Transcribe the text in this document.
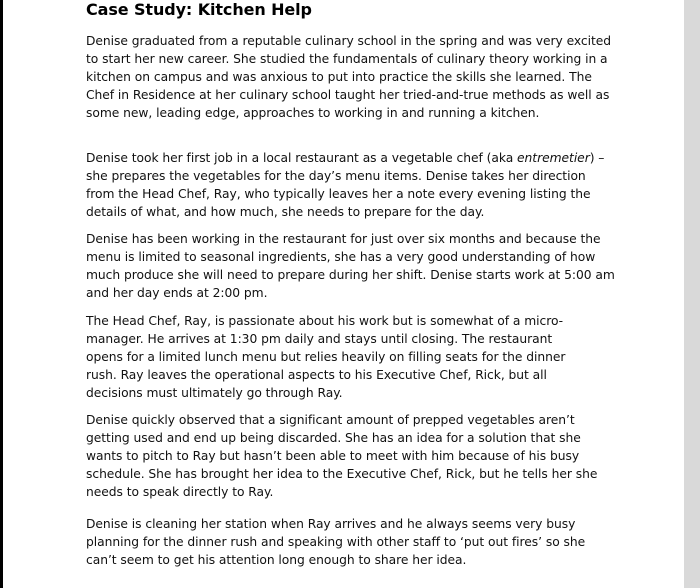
Case Study: Kitchen Help

Denise graduated from a reputable culinary school in the spring and was very excited to start her new career. She studied the fundamentals of culinary theory working in a kitchen on campus and was anxious to put into practice the skills she learned. The Chef in Residence at her culinary school taught her tried-and-true methods as well as some new, leading edge, approaches to working in and running a kitchen.

Denise took her first job in a local restaurant as a vegetable chef (aka entremetier) – she prepares the vegetables for the day’s menu items. Denise takes her direction from the Head Chef, Ray, who typically leaves her a note every evening listing the details of what, and how much, she needs to prepare for the day.

Denise has been working in the restaurant for just over six months and because the menu is limited to seasonal ingredients, she has a very good understanding of how much produce she will need to prepare during her shift. Denise starts work at 5:00 am and her day ends at 2:00 pm.

The Head Chef, Ray, is passionate about his work but is somewhat of a micro-manager. He arrives at 1:30 pm daily and stays until closing. The restaurant opens for a limited lunch menu but relies heavily on filling seats for the dinner rush. Ray leaves the operational aspects to his Executive Chef, Rick, but all decisions must ultimately go through Ray.

Denise quickly observed that a significant amount of prepped vegetables aren’t getting used and end up being discarded. She has an idea for a solution that she wants to pitch to Ray but hasn’t been able to meet with him because of his busy schedule. She has brought her idea to the Executive Chef, Rick, but he tells her she needs to speak directly to Ray.

Denise is cleaning her station when Ray arrives and he always seems very busy planning for the dinner rush and speaking with other staff to ‘put out fires’ so she can’t seem to get his attention long enough to share her idea.
